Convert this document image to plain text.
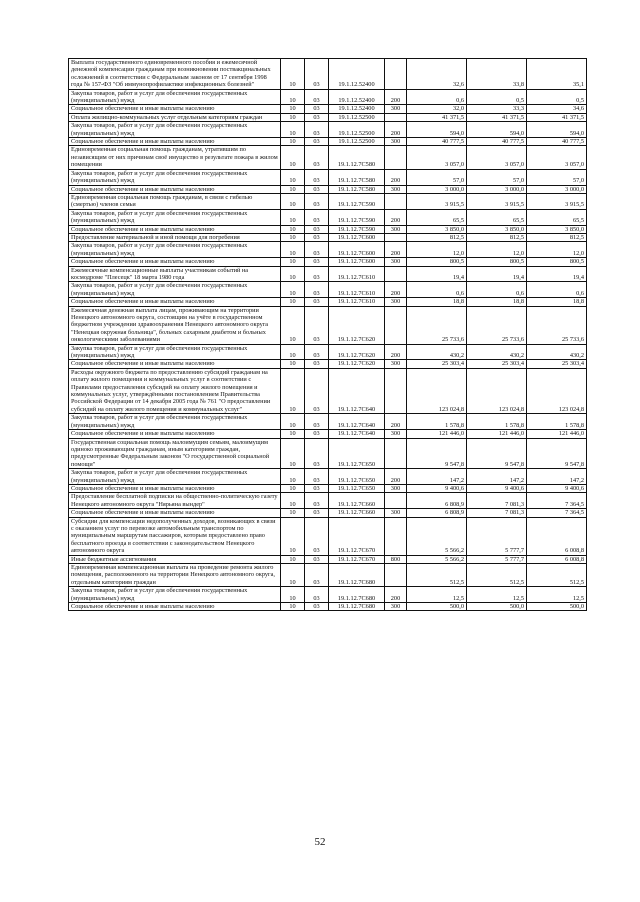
Выплата государственного единовременного пособия и ежемесячной денежной компенсации гражданам при возникновении поствакцинальных осложнений в соответствии с Федеральным законом от 17 сентября 1998 года № 157-ФЗ "Об иммунопрофилактике инфекционных болезней"	10	03	19.1.12.52400		32,6	33,8	35,1
Закупка товаров, работ и услуг для обеспечения государственных (муниципальных) нужд	10	03	19.1.12.52400	200	0,6	0,5	0,5
Социальное обеспечение и иные выплаты населению	10	03	19.1.12.52400	300	32,0	33,3	34,6
Оплата жилищно-коммунальных услуг отдельным категориям граждан	10	03	19.1.12.52500		41 371,5	41 371,5	41 371,5
Закупка товаров, работ и услуг для обеспечения государственных (муниципальных) нужд	10	03	19.1.12.52500	200	594,0	594,0	594,0
Социальное обеспечение и иные выплаты населению	10	03	19.1.12.52500	300	40 777,5	40 777,5	40 777,5
Единовременная социальная помощь гражданам, утратившим по независящим от них причинам своё имущество в результате пожара в жилом помещении	10	03	19.1.12.7C580		3 057,0	3 057,0	3 057,0
Закупка товаров, работ и услуг для обеспечения государственных (муниципальных) нужд	10	03	19.1.12.7C580	200	57,0	57,0	57,0
Социальное обеспечение и иные выплаты населению	10	03	19.1.12.7C580	300	3 000,0	3 000,0	3 000,0
Единовременная социальная помощь гражданам, в связи с гибелью (смертью) членов семьи	10	03	19.1.12.7C590		3 915,5	3 915,5	3 915,5
Закупка товаров, работ и услуг для обеспечения государственных (муниципальных) нужд	10	03	19.1.12.7C590	200	65,5	65,5	65,5
Социальное обеспечение и иные выплаты населению	10	03	19.1.12.7C590	300	3 850,0	3 850,0	3 850,0
Предоставление материальной и иной помощи для погребения	10	03	19.1.12.7C600		812,5	812,5	812,5
Закупка товаров, работ и услуг для обеспечения государственных (муниципальных) нужд	10	03	19.1.12.7C600	200	12,0	12,0	12,0
Социальное обеспечение и иные выплаты населению	10	03	19.1.12.7C600	300	800,5	800,5	800,5
Ежемесячные компенсационные выплаты участникам событий на космодроме "Плесецк" 18 марта 1980 года	10	03	19.1.12.7C610		19,4	19,4	19,4
Закупка товаров, работ и услуг для обеспечения государственных (муниципальных) нужд	10	03	19.1.12.7C610	200	0,6	0,6	0,6
Социальное обеспечение и иные выплаты населению	10	03	19.1.12.7C610	300	18,8	18,8	18,8
Ежемесячная денежная выплата лицам, проживающим на территории Ненецкого автономного округа, состоящим на учёте в государственном бюджетном учреждении здравоохранения Ненецкого автономного округа "Ненецкая окружная больница", больных сахарным диабетом и больных онкологическими заболеваниями	10	03	19.1.12.7C620		25 733,6	25 733,6	25 733,6
Закупка товаров, работ и услуг для обеспечения государственных (муниципальных) нужд	10	03	19.1.12.7C620	200	430,2	430,2	430,2
Социальное обеспечение и иные выплаты населению	10	03	19.1.12.7C620	300	25 303,4	25 303,4	25 303,4
Расходы окружного бюджета по предоставлению субсидий гражданам на оплату жилого помещения и коммунальных услуг в соответствии с Правилами предоставления субсидий на оплату жилого помещения и коммунальных услуг, утверждёнными постановлением Правительства Российской Федерации от 14 декабря 2005 года № 761 "О предоставлении субсидий на оплату жилого помещения и коммунальных услуг"	10	03	19.1.12.7C640		123 024,8	123 024,8	123 024,8
Закупка товаров, работ и услуг для обеспечения государственных (муниципальных) нужд	10	03	19.1.12.7C640	200	1 578,8	1 578,8	1 578,8
Социальное обеспечение и иные выплаты населению	10	03	19.1.12.7C640	300	121 446,0	121 446,0	121 446,0
Государственная социальная помощь малоимущим семьям, малоимущим одиноко проживающим гражданам, иным категориям граждан, предусмотренные Федеральным законом "О государственной социальной помощи"	10	03	19.1.12.7C650		9 547,8	9 547,8	9 547,8
Закупка товаров, работ и услуг для обеспечения государственных (муниципальных) нужд	10	03	19.1.12.7C650	200	147,2	147,2	147,2
Социальное обеспечение и иные выплаты населению	10	03	19.1.12.7C650	300	9 400,6	9 400,6	9 400,6
Предоставление бесплатной подписки на общественно-политическую газету Ненецкого автономного округа "Нярьяна вындер"	10	03	19.1.12.7C660		6 808,9	7 081,3	7 364,5
Социальное обеспечение и иные выплаты населению	10	03	19.1.12.7C660	300	6 808,9	7 081,3	7 364,5
Субсидии для компенсации недополученных доходов, возникающих в связи с оказанием услуг по перевозке автомобильным транспортом по муниципальным маршрутам пассажиров, которым предоставлено право бесплатного проезда в соответствии с законодательством Ненецкого автономного округа	10	03	19.1.12.7C670		5 566,2	5 777,7	6 008,8
Иные бюджетные ассигнования	10	03	19.1.12.7C670	800	5 566,2	5 777,7	6 008,8
Единовременная компенсационная выплата на проведение ремонта жилого помещения, расположенного на территории Ненецкого автономного округа, отдельным категориям граждан	10	03	19.1.12.7C680		512,5	512,5	512,5
Закупка товаров, работ и услуг для обеспечения государственных (муниципальных) нужд	10	03	19.1.12.7C680	200	12,5	12,5	12,5
Социальное обеспечение и иные выплаты населению	10	03	19.1.12.7C680	300	500,0	500,0	500,0
52
